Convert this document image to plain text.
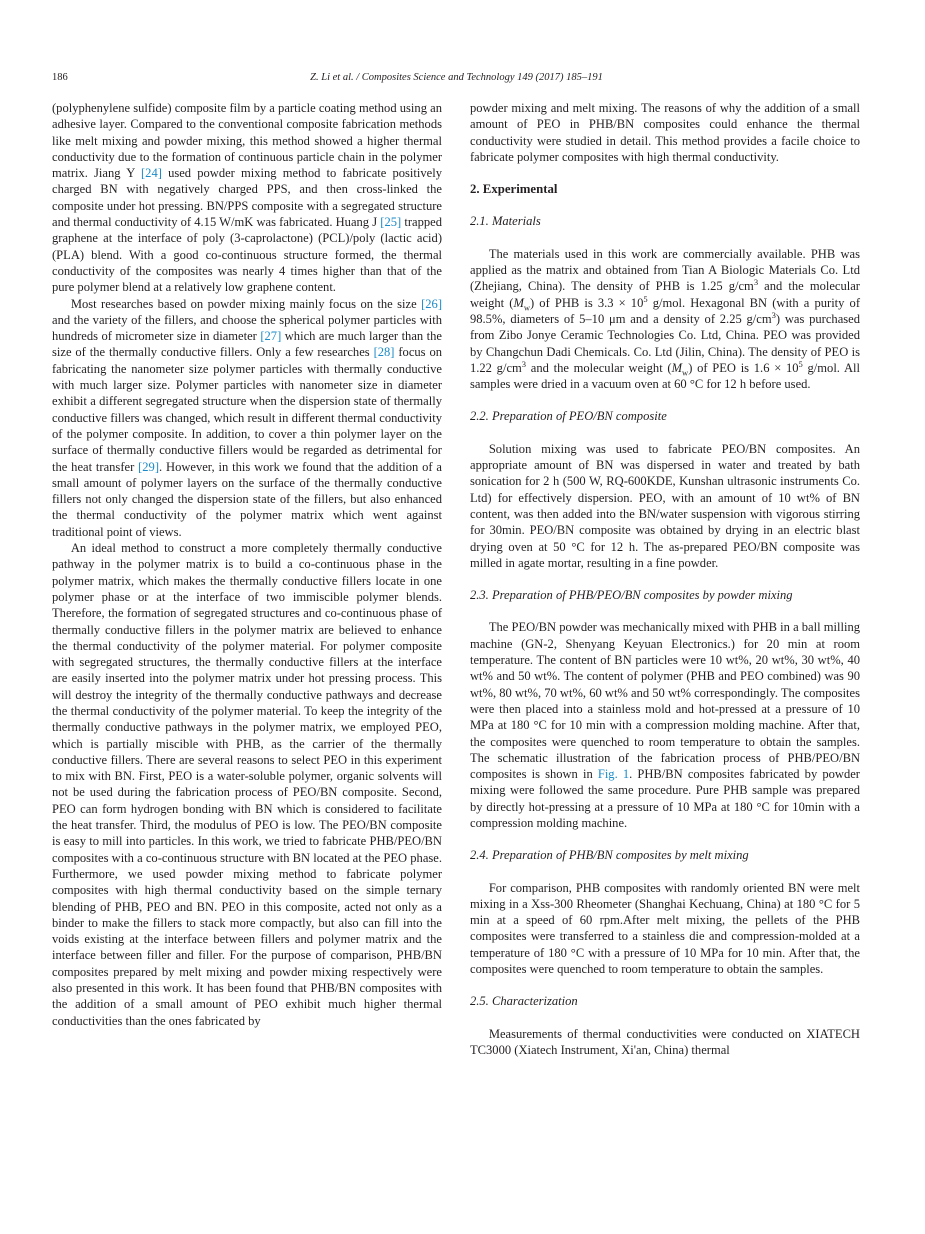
186	Z. Li et al. / Composites Science and Technology 149 (2017) 185–191

(polyphenylene sulfide) composite film by a particle coating method using an adhesive layer. Compared to the conventional composite fabrication methods like melt mixing and powder mixing, this method showed a higher thermal conductivity due to the formation of continuous particle chain in the polymer matrix. Jiang Y [24] used powder mixing method to fabricate positively charged BN with negatively charged PPS, and then cross-linked the composite under hot pressing. BN/PPS composite with a segregated structure and thermal conductivity of 4.15 W/mK was fabricated. Huang J [25] trapped graphene at the interface of poly (3-caprolactone) (PCL)/poly (lactic acid) (PLA) blend. With a good co-continuous structure formed, the thermal conductivity of the composites was nearly 4 times higher than that of the pure polymer blend at a relatively low graphene content.

Most researches based on powder mixing mainly focus on the size [26] and the variety of the fillers, and choose the spherical polymer particles with hundreds of micrometer size in diameter [27] which are much larger than the size of the thermally conductive fillers. Only a few researches [28] focus on fabricating the nanometer size polymer particles with thermally conductive with much larger size. Polymer particles with nanometer size in diameter exhibit a different segregated structure when the dispersion state of thermally conductive fillers was changed, which result in different thermal conductivity of the polymer composite. In addition, to cover a thin polymer layer on the surface of thermally conductive fillers would be regarded as detrimental for the heat transfer [29]. However, in this work we found that the addition of a small amount of polymer layers on the surface of the thermally conductive fillers not only changed the dispersion state of the fillers, but also enhanced the thermal conductivity of the polymer matrix which went against traditional point of views.

An ideal method to construct a more completely thermally conductive pathway in the polymer matrix is to build a co-continuous phase in the polymer matrix, which makes the thermally conductive fillers locate in one polymer phase or at the interface of two immiscible polymer blends. Therefore, the formation of segregated structures and co-continuous phase of thermally conductive fillers in the polymer matrix are believed to enhance the thermal conductivity of the polymer material. For polymer composite with segregated structures, the thermally conductive fillers at the interface are easily inserted into the polymer matrix under hot pressing process. This will destroy the integrity of the thermally conductive pathways and decrease the thermal conductivity of the polymer material. To keep the integrity of the thermally conductive pathways in the polymer matrix, we employed PEO, which is partially miscible with PHB, as the carrier of the thermally conductive fillers. There are several reasons to select PEO in this experiment to mix with BN. First, PEO is a water-soluble polymer, organic solvents will not be used during the fabrication process of PEO/BN composite. Second, PEO can form hydrogen bonding with BN which is considered to facilitate the heat transfer. Third, the modulus of PEO is low. The PEO/BN composite is easy to mill into particles. In this work, we tried to fabricate PHB/PEO/BN composites with a co-continuous structure with BN located at the PEO phase. Furthermore, we used powder mixing method to fabricate polymer composites with high thermal conductivity based on the simple ternary blending of PHB, PEO and BN. PEO in this composite, acted not only as a binder to make the fillers to stack more compactly, but also can fill into the voids existing at the interface between fillers and polymer matrix and the interface between filler and filler. For the purpose of comparison, PHB/BN composites prepared by melt mixing and powder mixing respectively were also presented in this work. It has been found that PHB/BN composites with the addition of a small amount of PEO exhibit much higher thermal conductivities than the ones fabricated by

powder mixing and melt mixing. The reasons of why the addition of a small amount of PEO in PHB/BN composites could enhance the thermal conductivity were studied in detail. This method provides a facile choice to fabricate polymer composites with high thermal conductivity.

2. Experimental
2.1. Materials

The materials used in this work are commercially available. PHB was applied as the matrix and obtained from Tian A Biologic Materials Co. Ltd (Zhejiang, China). The density of PHB is 1.25 $g/cm^3$ and the molecular weight $(M_w)$ of PHB is $3.3 \times 10^5$ g/mol. Hexagonal BN (with a purity of 98.5%, diameters of 5–10 μm and a density of 2.25 $g/cm^3$) was purchased from Zibo Jonye Ceramic Technologies Co. Ltd, China. PEO was provided by Changchun Dadi Chemicals. Co. Ltd (Jilin, China). The density of PEO is 1.22 $g/cm^3$ and the molecular weight $(M_w)$ of PEO is $1.6 \times 10^5$ g/mol. All samples were dried in a vacuum oven at 60 °C for 12 h before used.

2.2. Preparation of PEO/BN composite

Solution mixing was used to fabricate PEO/BN composites. An appropriate amount of BN was dispersed in water and treated by bath sonication for 2 h (500 W, RQ-600KDE, Kunshan ultrasonic instruments Co. Ltd) for effectively dispersion. PEO, with an amount of 10 wt% of BN content, was then added into the BN/water suspension with vigorous stirring for 30min. PEO/BN composite was obtained by drying in an electric blast drying oven at 50 °C for 12 h. The as-prepared PEO/BN composite was milled in agate mortar, resulting in a fine powder.

2.3. Preparation of PHB/PEO/BN composites by powder mixing

The PEO/BN powder was mechanically mixed with PHB in a ball milling machine (GN-2, Shenyang Keyuan Electronics.) for 20 min at room temperature. The content of BN particles were 10 wt%, 20 wt%, 30 wt%, 40 wt% and 50 wt%. The content of polymer (PHB and PEO combined) was 90 wt%, 80 wt%, 70 wt%, 60 wt% and 50 wt% correspondingly. The composites were then placed into a stainless mold and hot-pressed at a pressure of 10 MPa at 180 °C for 10 min with a compression molding machine. After that, the composites were quenched to room temperature to obtain the samples. The schematic illustration of the fabrication process of PHB/PEO/BN composites is shown in Fig. 1. PHB/BN composites fabricated by powder mixing were followed the same procedure. Pure PHB sample was prepared by directly hot-pressing at a pressure of 10 MPa at 180 °C for 10min with a compression molding machine.

2.4. Preparation of PHB/BN composites by melt mixing

For comparison, PHB composites with randomly oriented BN were melt mixing in a Xss-300 Rheometer (Shanghai Kechuang, China) at 180 °C for 5 min at a speed of 60 rpm.After melt mixing, the pellets of the PHB composites were transferred to a stainless die and compression-molded at a temperature of 180 °C with a pressure of 10 MPa for 10 min. After that, the composites were quenched to room temperature to obtain the samples.

2.5. Characterization

Measurements of thermal conductivities were conducted on XIATECH TC3000 (Xiatech Instrument, Xi'an, China) thermal
